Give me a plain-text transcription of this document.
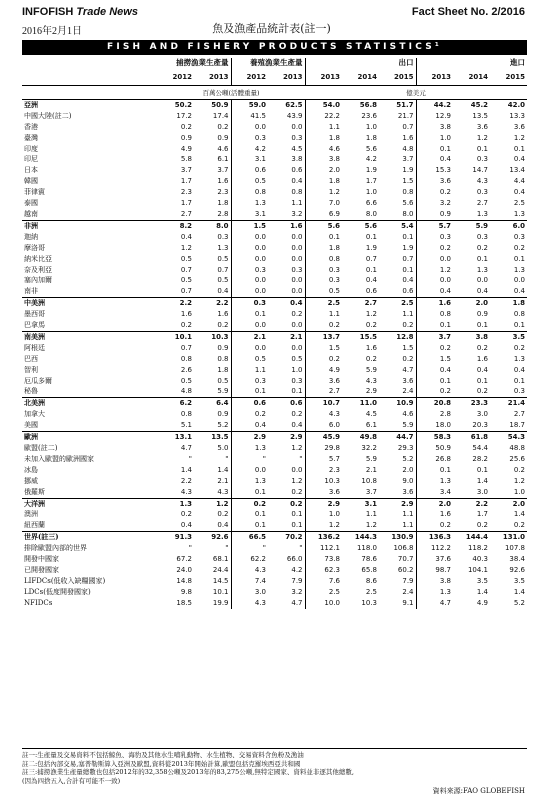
INFOFISH Trade News
2016年2月1日	魚及漁產品統計表(註一)
Fact Sheet No. 2/2016
FISH AND FISHERY PRODUCTS STATISTICS¹
	捕撈漁業生產量		養殖漁業生產量		出口			進口		
	2012	2013	2012	2013	2013	2014	2015	2013	2014	2015
	百萬公噸(活體重量)				億美元					
亞洲	50.2	50.9	59.0	62.5	54.0	56.8	51.7	44.2	45.2	42.0
中國大陸(註二)	17.2	17.4	41.5	43.9	22.2	23.6	21.7	12.9	13.5	13.3
香港	0.2	0.2	0.0	0.0	1.1	1.0	0.7	3.8	3.6	3.6
臺灣	0.9	0.9	0.3	0.3	1.8	1.8	1.6	1.0	1.2	1.2
印度	4.9	4.6	4.2	4.5	4.6	5.6	4.8	0.1	0.1	0.1
印尼	5.8	6.1	3.1	3.8	3.8	4.2	3.7	0.4	0.3	0.4
日本	3.7	3.7	0.6	0.6	2.0	1.9	1.9	15.3	14.7	13.4
韓國	1.7	1.6	0.5	0.4	1.8	1.7	1.5	3.6	4.3	4.4
菲律賓	2.3	2.3	0.8	0.8	1.2	1.0	0.8	0.2	0.3	0.4
泰國	1.7	1.8	1.3	1.1	7.0	6.6	5.6	3.2	2.7	2.5
越南	2.7	2.8	3.1	3.2	6.9	8.0	8.0	0.9	1.3	1.3
非洲	8.2	8.0	1.5	1.6	5.6	5.6	5.4	5.7	5.9	6.0
迦納	0.4	0.3	0.0	0.0	0.1	0.1	0.1	0.3	0.3	0.3
摩洛哥	1.2	1.3	0.0	0.0	1.8	1.9	1.9	0.2	0.2	0.2
納米比亞	0.5	0.5	0.0	0.0	0.8	0.7	0.7	0.0	0.1	0.1
奈及利亞	0.7	0.7	0.3	0.3	0.3	0.1	0.1	1.2	1.3	1.3
塞內加爾	0.5	0.5	0.0	0.0	0.3	0.4	0.4	0.0	0.0	0.0
南非	0.7	0.4	0.0	0.0	0.5	0.6	0.6	0.4	0.4	0.4
中美洲	2.2	2.2	0.3	0.4	2.5	2.7	2.5	1.6	2.0	1.8
墨西哥	1.6	1.6	0.1	0.2	1.1	1.2	1.1	0.8	0.9	0.8
巴拿馬	0.2	0.2	0.0	0.0	0.2	0.2	0.2	0.1	0.1	0.1
南美洲	10.1	10.3	2.1	2.1	13.7	15.5	12.8	3.7	3.8	3.5
阿根廷	0.7	0.9	0.0	0.0	1.5	1.6	1.5	0.2	0.2	0.2
巴西	0.8	0.8	0.5	0.5	0.2	0.2	0.2	1.5	1.6	1.3
智利	2.6	1.8	1.1	1.0	4.9	5.9	4.7	0.4	0.4	0.4
厄瓜多爾	0.5	0.5	0.3	0.3	3.6	4.3	3.6	0.1	0.1	0.1
秘魯	4.8	5.9	0.1	0.1	2.7	2.9	2.4	0.2	0.2	0.3
北美洲	6.2	6.4	0.6	0.6	10.7	11.0	10.9	20.8	23.3	21.4
加拿大	0.8	0.9	0.2	0.2	4.3	4.5	4.6	2.8	3.0	2.7
美國	5.1	5.2	0.4	0.4	6.0	6.1	5.9	18.0	20.3	18.7
歐洲	13.1	13.5	2.9	2.9	45.9	49.8	44.7	58.3	61.8	54.3
歐盟(註二)	4.7	5.0	1.3	1.2	29.8	32.2	29.3	50.9	54.4	48.8
未加入歐盟的歐洲國家	"	"	"	"	5.7	5.9	5.2	26.8	28.2	25.6
冰島	1.4	1.4	0.0	0.0	2.3	2.1	2.0	0.1	0.1	0.2
挪威	2.2	2.1	1.3	1.2	10.3	10.8	9.0	1.3	1.4	1.2
俄羅斯	4.3	4.3	0.1	0.2	3.6	3.7	3.6	3.4	3.0	1.0
大洋洲	1.3	1.2	0.2	0.2	2.9	3.1	2.9	2.0	2.2	2.0
澳洲	0.2	0.2	0.1	0.1	1.0	1.1	1.1	1.6	1.7	1.4
紐西蘭	0.4	0.4	0.1	0.1	1.2	1.2	1.1	0.2	0.2	0.2
世界(註三)	91.3	92.6	66.5	70.2	136.2	144.3	130.9	136.3	144.4	131.0
排除歐盟內部的世界	"	"	"	"	112.1	118.0	106.8	112.2	118.2	107.8
開發中國家	67.2	68.1	62.2	66.0	73.8	78.6	70.7	37.6	40.3	38.4
已開發國家	24.0	24.4	4.3	4.2	62.3	65.8	60.2	98.7	104.1	92.6
LIFDCs(低收入缺糧國家)	14.8	14.5	7.4	7.9	7.6	8.6	7.9	3.8	3.5	3.5
LDCs(低度開發國家)	9.8	10.1	3.0	3.2	2.5	2.5	2.4	1.3	1.4	1.4
NFIDCs	18.5	19.9	4.3	4.7	10.0	10.3	9.1	4.7	4.9	5.2

註一:生產量及交易資料不包括鯨魚、海豹及其他水生哺乳動物、水生植物、交易資料含魚粉及漁油

註二:包括內部交易,塞普勒斯算入亞洲及歐盟,資料從2013年開始計算,歐盟包括克羅埃西亞共和國

註三:捕撈漁業生產量總數也包括2012年的32,358公噸及2013年的83,275公噸,無特定國家、資料並非逐其他總數,

(因為四捨五入,合計有可能不一致)

資料來源:FAO GLOBEFISH
